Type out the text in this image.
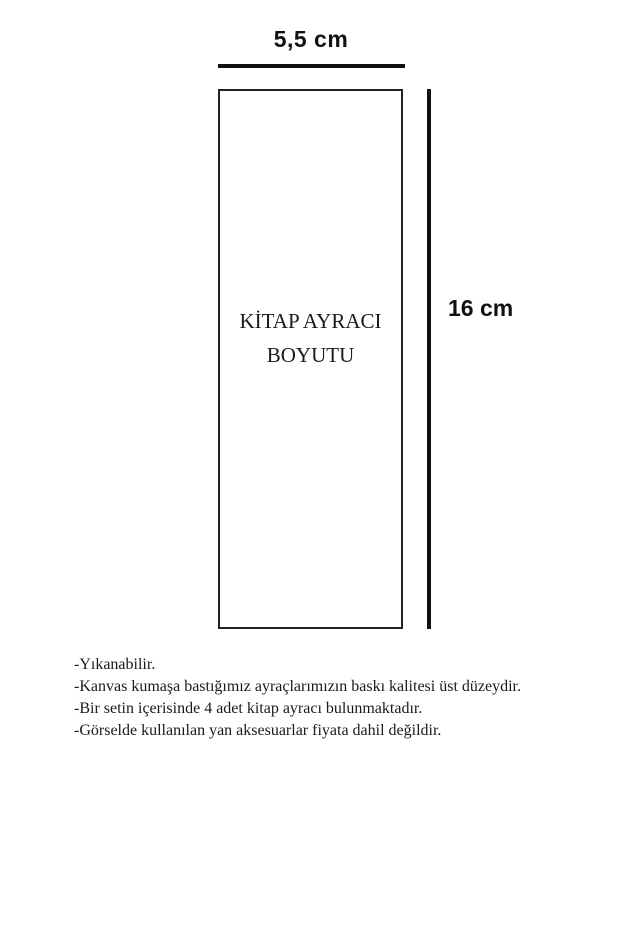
5,5 cm
KİTAP AYRACI
BOYUTU
16 cm
-Yıkanabilir.
-Kanvas kumaşa bastığımız ayraçlarımızın baskı kalitesi üst düzeydir.
-Bir setin içerisinde 4 adet kitap ayracı bulunmaktadır.
-Görselde kullanılan yan aksesuarlar fiyata dahil değildir.
